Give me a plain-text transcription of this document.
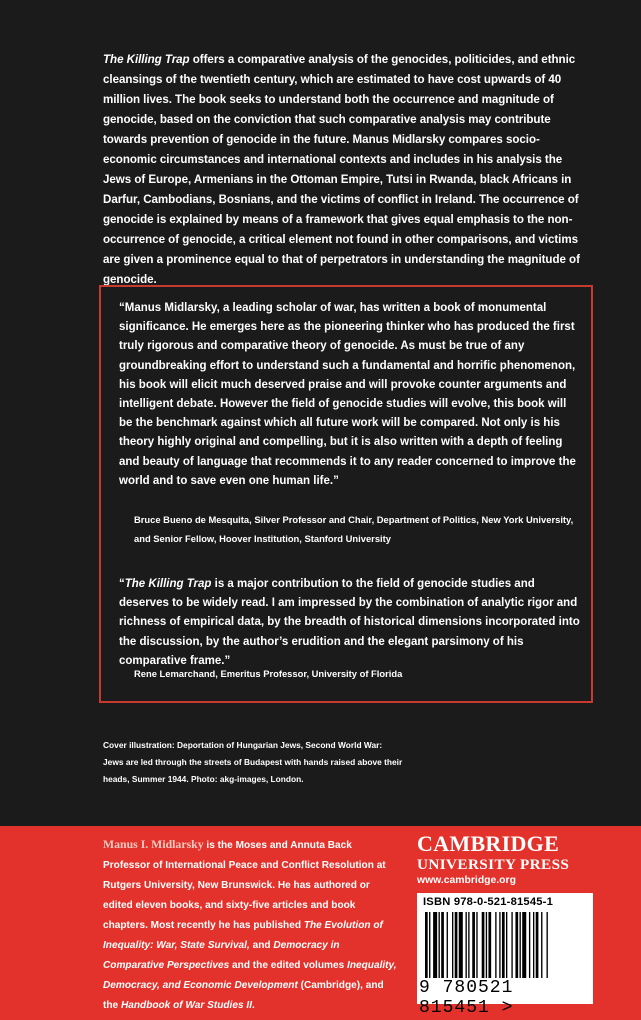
The Killing Trap offers a comparative analysis of the genocides, politicides, and ethnic cleansings of the twentieth century, which are estimated to have cost upwards of 40 million lives. The book seeks to understand both the occurrence and magnitude of genocide, based on the conviction that such comparative analysis may contribute towards prevention of genocide in the future. Manus Midlarsky compares socio-economic circumstances and international contexts and includes in his analysis the Jews of Europe, Armenians in the Ottoman Empire, Tutsi in Rwanda, black Africans in Darfur, Cambodians, Bosnians, and the victims of conflict in Ireland. The occurrence of genocide is explained by means of a framework that gives equal emphasis to the non-occurrence of genocide, a critical element not found in other comparisons, and victims are given a prominence equal to that of perpetrators in understanding the magnitude of genocide.
“Manus Midlarsky, a leading scholar of war, has written a book of monumental significance. He emerges here as the pioneering thinker who has produced the first truly rigorous and comparative theory of genocide. As must be true of any groundbreaking effort to understand such a fundamental and horrific phenomenon, his book will elicit much deserved praise and will provoke counter arguments and intelligent debate. However the field of genocide studies will evolve, this book will be the benchmark against which all future work will be compared. Not only is his theory highly original and compelling, but it is also written with a depth of feeling and beauty of language that recommends it to any reader concerned to improve the world and to save even one human life.”
Bruce Bueno de Mesquita, Silver Professor and Chair, Department of Politics, New York University, and Senior Fellow, Hoover Institution, Stanford University
“The Killing Trap is a major contribution to the field of genocide studies and deserves to be widely read. I am impressed by the combination of analytic rigor and richness of empirical data, by the breadth of historical dimensions incorporated into the discussion, by the author’s erudition and the elegant parsimony of his comparative frame.”
Rene Lemarchand, Emeritus Professor, University of Florida
Cover illustration: Deportation of Hungarian Jews, Second World War: Jews are led through the streets of Budapest with hands raised above their heads, Summer 1944. Photo: akg-images, London.
Manus I. Midlarsky is the Moses and Annuta Back Professor of International Peace and Conflict Resolution at Rutgers University, New Brunswick. He has authored or edited eleven books, and sixty-five articles and book chapters. Most recently he has published The Evolution of Inequality: War, State Survival, and Democracy in Comparative Perspectives and the edited volumes Inequality, Democracy, and Economic Development (Cambridge), and the Handbook of War Studies II.
CAMBRIDGE
UNIVERSITY PRESS
www.cambridge.org
ISBN 978-0-521-81545-1
9 780521 815451 >
